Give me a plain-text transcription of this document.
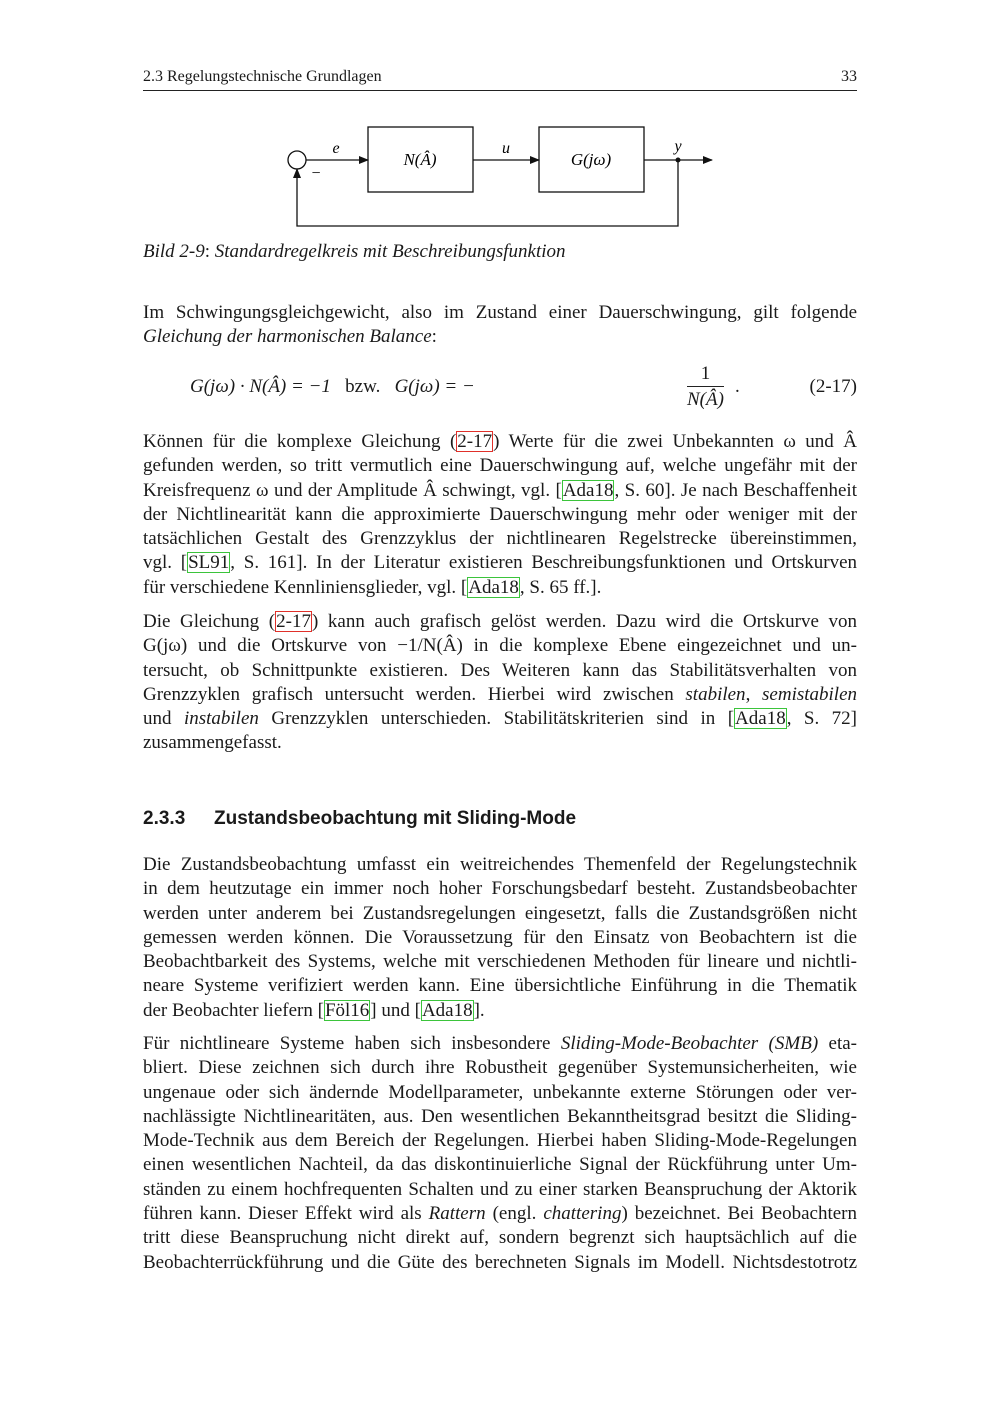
2.3 Regelungstechnische Grundlagen	33
e
−
N(Â)
u
G(jω)
y
Bild 2-9: Standardregelkreis mit Beschreibungsfunktion
Im Schwingungsgleichgewicht, also im Zustand einer Dauerschwingung, gilt folgende
Gleichung der harmonischen Balance:
G(jω) · N(Â) = −1 bzw. G(jω) = −	$\frac{1}{N(Â)}$ .	(2-17)
Können für die komplexe Gleichung (2-17) Werte für die zwei Unbekannten ω und Â
gefunden werden, so tritt vermutlich eine Dauerschwingung auf, welche ungefähr mit der
Kreisfrequenz ω und der Amplitude Â schwingt, vgl. [Ada18, S. 60]. Je nach Beschaffenheit
der Nichtlinearität kann die approximierte Dauerschwingung mehr oder weniger mit der
tatsächlichen Gestalt des Grenzzyklus der nichtlinearen Regelstrecke übereinstimmen,
vgl. [SL91, S. 161]. In der Literatur existieren Beschreibungsfunktionen und Ortskurven
für verschiedene Kennliniensglieder, vgl. [Ada18, S. 65 ff.].
Die Gleichung (2-17) kann auch grafisch gelöst werden. Dazu wird die Ortskurve von
G(jω) und die Ortskurve von −1/N(Â) in die komplexe Ebene eingezeichnet und un-
tersucht, ob Schnittpunkte existieren. Des Weiteren kann das Stabilitätsverhalten von
Grenzzyklen grafisch untersucht werden. Hierbei wird zwischen stabilen, semistabilen
und instabilen Grenzzyklen unterschieden. Stabilitätskriterien sind in [Ada18, S. 72]
zusammengefasst.
2.3.3 Zustandsbeobachtung mit Sliding-Mode
Die Zustandsbeobachtung umfasst ein weitreichendes Themenfeld der Regelungstechnik
in dem heutzutage ein immer noch hoher Forschungsbedarf besteht. Zustandsbeobachter
werden unter anderem bei Zustandsregelungen eingesetzt, falls die Zustandsgrößen nicht
gemessen werden können. Die Voraussetzung für den Einsatz von Beobachtern ist die
Beobachtbarkeit des Systems, welche mit verschiedenen Methoden für lineare und nichtli-
neare Systeme verifiziert werden kann. Eine übersichtliche Einführung in die Thematik
der Beobachter liefern [Föl16] und [Ada18].
Für nichtlineare Systeme haben sich insbesondere Sliding-Mode-Beobachter (SMB) eta-
bliert. Diese zeichnen sich durch ihre Robustheit gegenüber Systemunsicherheiten, wie
ungenaue oder sich ändernde Modellparameter, unbekannte externe Störungen oder ver-
nachlässigte Nichtlinearitäten, aus. Den wesentlichen Bekanntheitsgrad besitzt die Sliding-
Mode-Technik aus dem Bereich der Regelungen. Hierbei haben Sliding-Mode-Regelungen
einen wesentlichen Nachteil, da das diskontinuierliche Signal der Rückführung unter Um-
ständen zu einem hochfrequenten Schalten und zu einer starken Beanspruchung der Aktorik
führen kann. Dieser Effekt wird als Rattern (engl. chattering) bezeichnet. Bei Beobachtern
tritt diese Beanspruchung nicht direkt auf, sondern begrenzt sich hauptsächlich auf die
Beobachterrückführung und die Güte des berechneten Signals im Modell. Nichtsdestotrotz
